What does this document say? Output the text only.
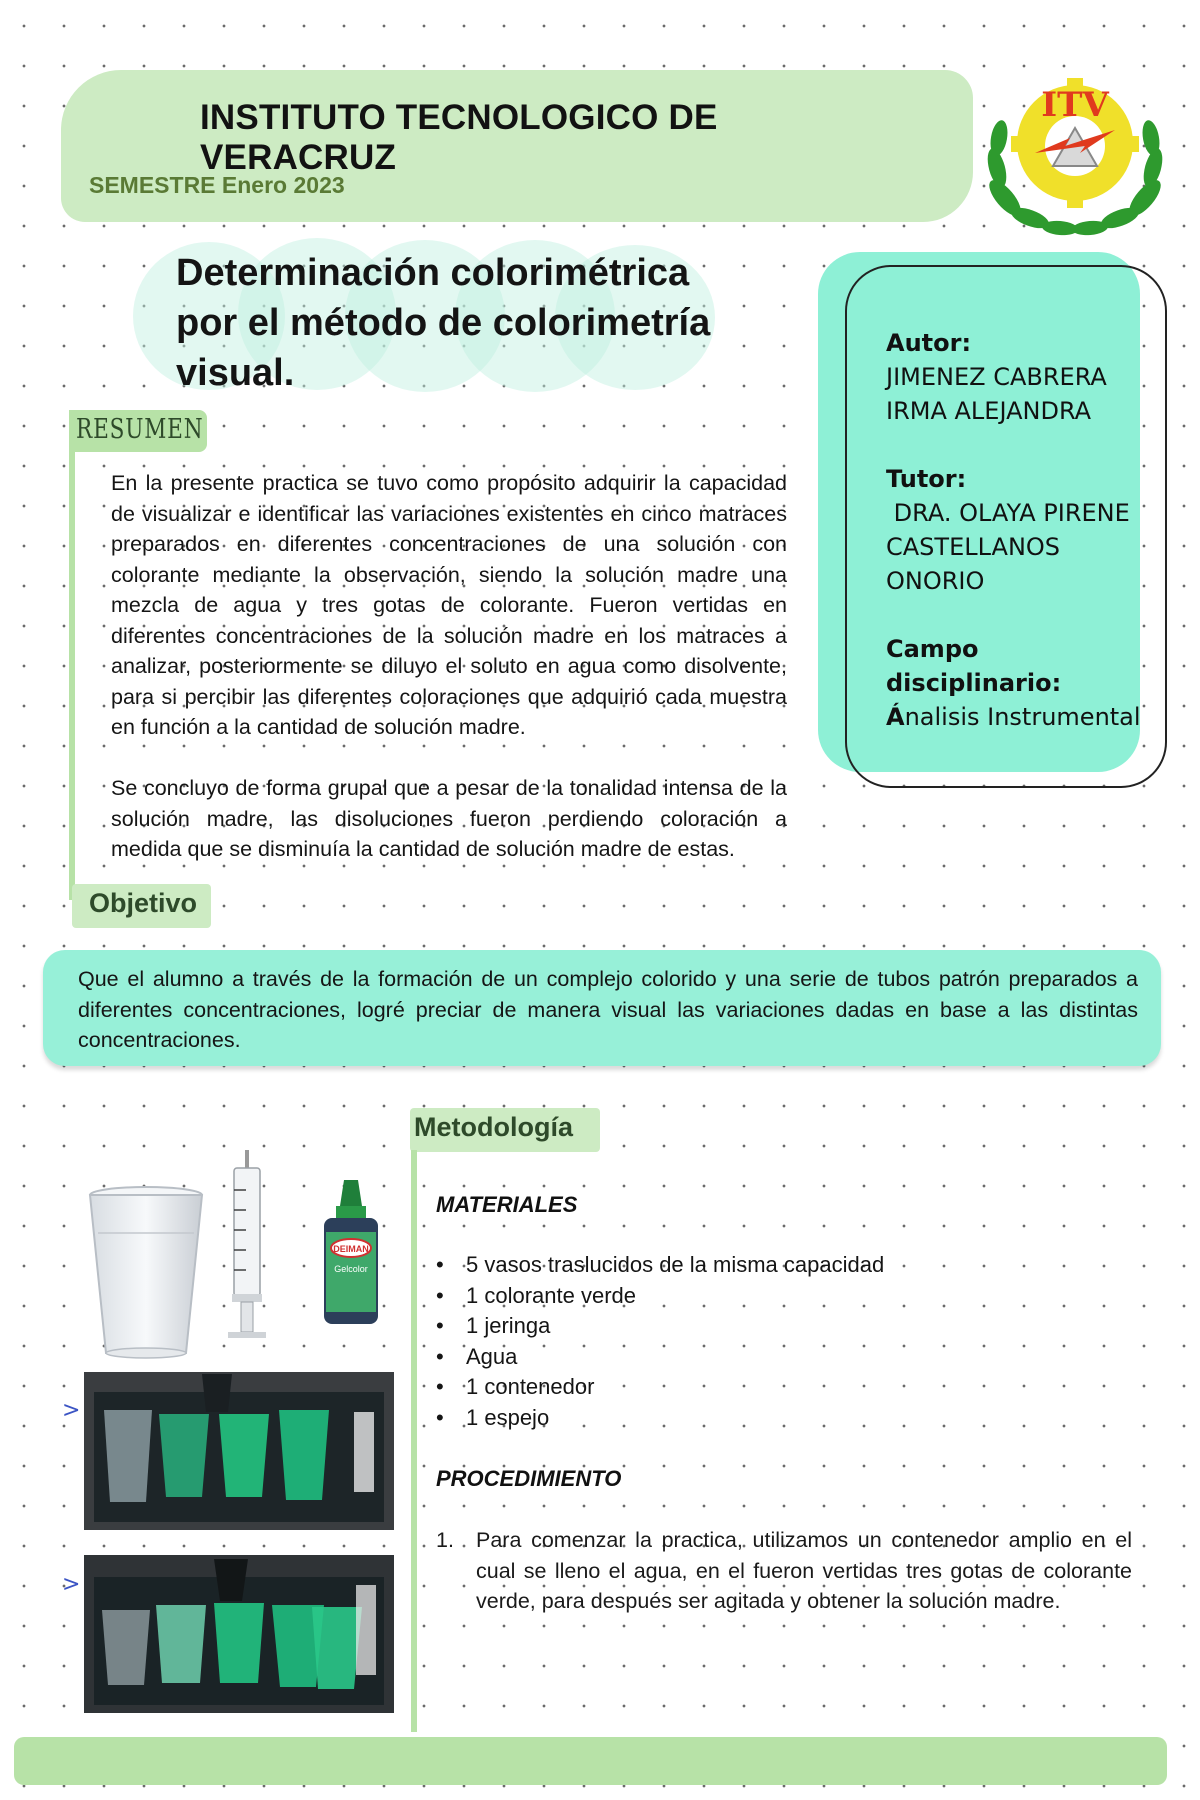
INSTITUTO TECNOLOGICO DE VERACRUZ
SEMESTRE Enero 2023
ITV
Determinación colorimétrica por el método de colorimetría visual.
Autor:
JIMENEZ CABRERA IRMA ALEJANDRA
Tutor:
DRA. OLAYA PIRENE CASTELLANOS ONORIO
Campo disciplinario:
Ánalisis Instrumental
RESUMEN
En la presente practica se tuvo como propósito adquirir la capacidad de visualizar e identificar las variaciones existentes en cinco matraces preparados en diferentes concentraciones de una solución con colorante mediante la observación, siendo la solución madre una mezcla de agua y tres gotas de colorante. Fueron vertidas en diferentes concentraciones de la solución madre en los matraces a analizar, posteriormente se diluyo el soluto en agua como disolvente, para si percibir las diferentes coloraciones que adquirió cada muestra en función a la cantidad de solución madre.
Se concluyo de forma grupal que a pesar de la tonalidad intensa de la solución madre, las disoluciones fueron perdiendo coloración a medida que se disminuía la cantidad de solución madre de estas.
Objetivo
Que el alumno a través de la formación de un complejo colorido y una serie de tubos patrón preparados a diferentes concentraciones, logré preciar de manera visual las variaciones dadas en base a las distintas concentraciones.
Metodología
MATERIALES
• 5 vasos traslucidos de la misma capacidad
• 1 colorante verde
• 1 jeringa
• Agua
• 1 contenedor
• 1 espejo
PROCEDIMIENTO
1. Para comenzar la practica, utilizamos un contenedor amplio en el cual se lleno el agua, en el fueron vertidas tres gotas de colorante verde, para después ser agitada y obtener la solución madre.
DEIMAN
Gelcolor
>
>
